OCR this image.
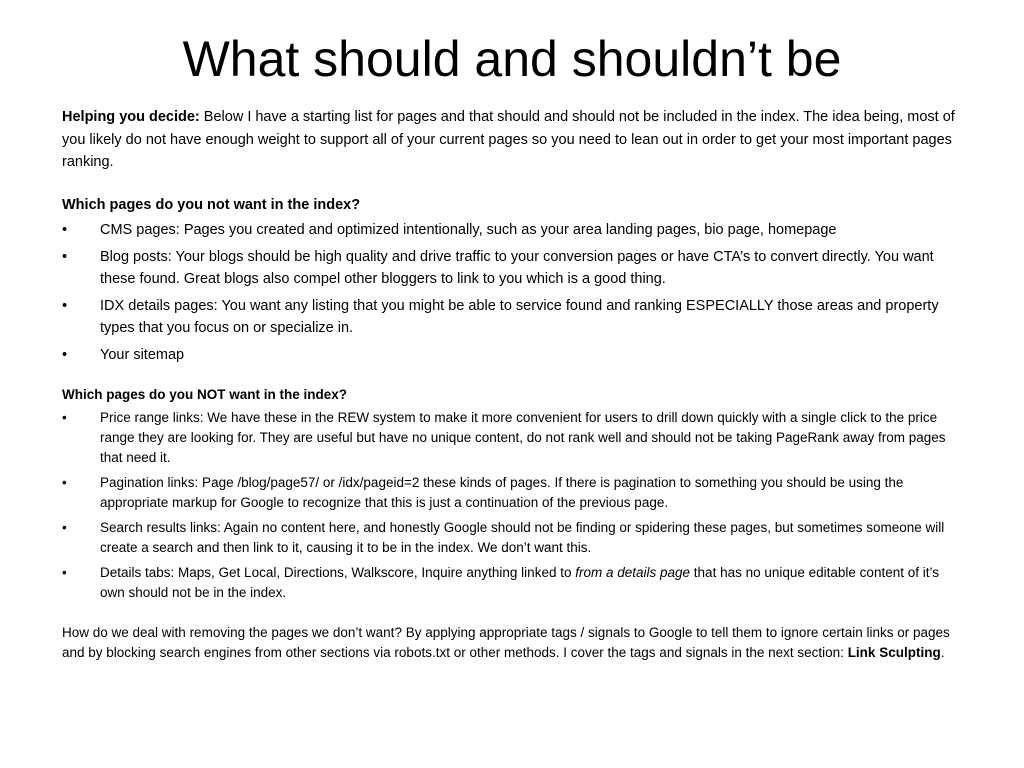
What should and shouldn’t be

Helping you decide: Below I have a starting list for pages and that should and should not be included in the index. The idea being, most of you likely do not have enough weight to support all of your current pages so you need to lean out in order to get your most important pages ranking.

Which pages do you not want in the index?

• CMS pages: Pages you created and optimized intentionally, such as your area landing pages, bio page, homepage
• Blog posts: Your blogs should be high quality and drive traffic to your conversion pages or have CTA’s to convert directly. You want these found. Great blogs also compel other bloggers to link to you which is a good thing.
• IDX details pages: You want any listing that you might be able to service found and ranking ESPECIALLY those areas and property types that you focus on or specialize in.
• Your sitemap

Which pages do you NOT want in the index?

• Price range links: We have these in the REW system to make it more convenient for users to drill down quickly with a single click to the price range they are looking for. They are useful but have no unique content, do not rank well and should not be taking PageRank away from pages that need it.
• Pagination links: Page /blog/page57/ or /idx/pageid=2 these kinds of pages. If there is pagination to something you should be using the appropriate markup for Google to recognize that this is just a continuation of the previous page.
• Search results links: Again no content here, and honestly Google should not be finding or spidering these pages, but sometimes someone will create a search and then link to it, causing it to be in the index. We don’t want this.
• Details tabs: Maps, Get Local, Directions, Walkscore, Inquire anything linked to from a details page that has no unique editable content of it’s own should not be in the index.

How do we deal with removing the pages we don’t want? By applying appropriate tags / signals to Google to tell them to ignore certain links or pages and by blocking search engines from other sections via robots.txt or other methods. I cover the tags and signals in the next section: Link Sculpting.
